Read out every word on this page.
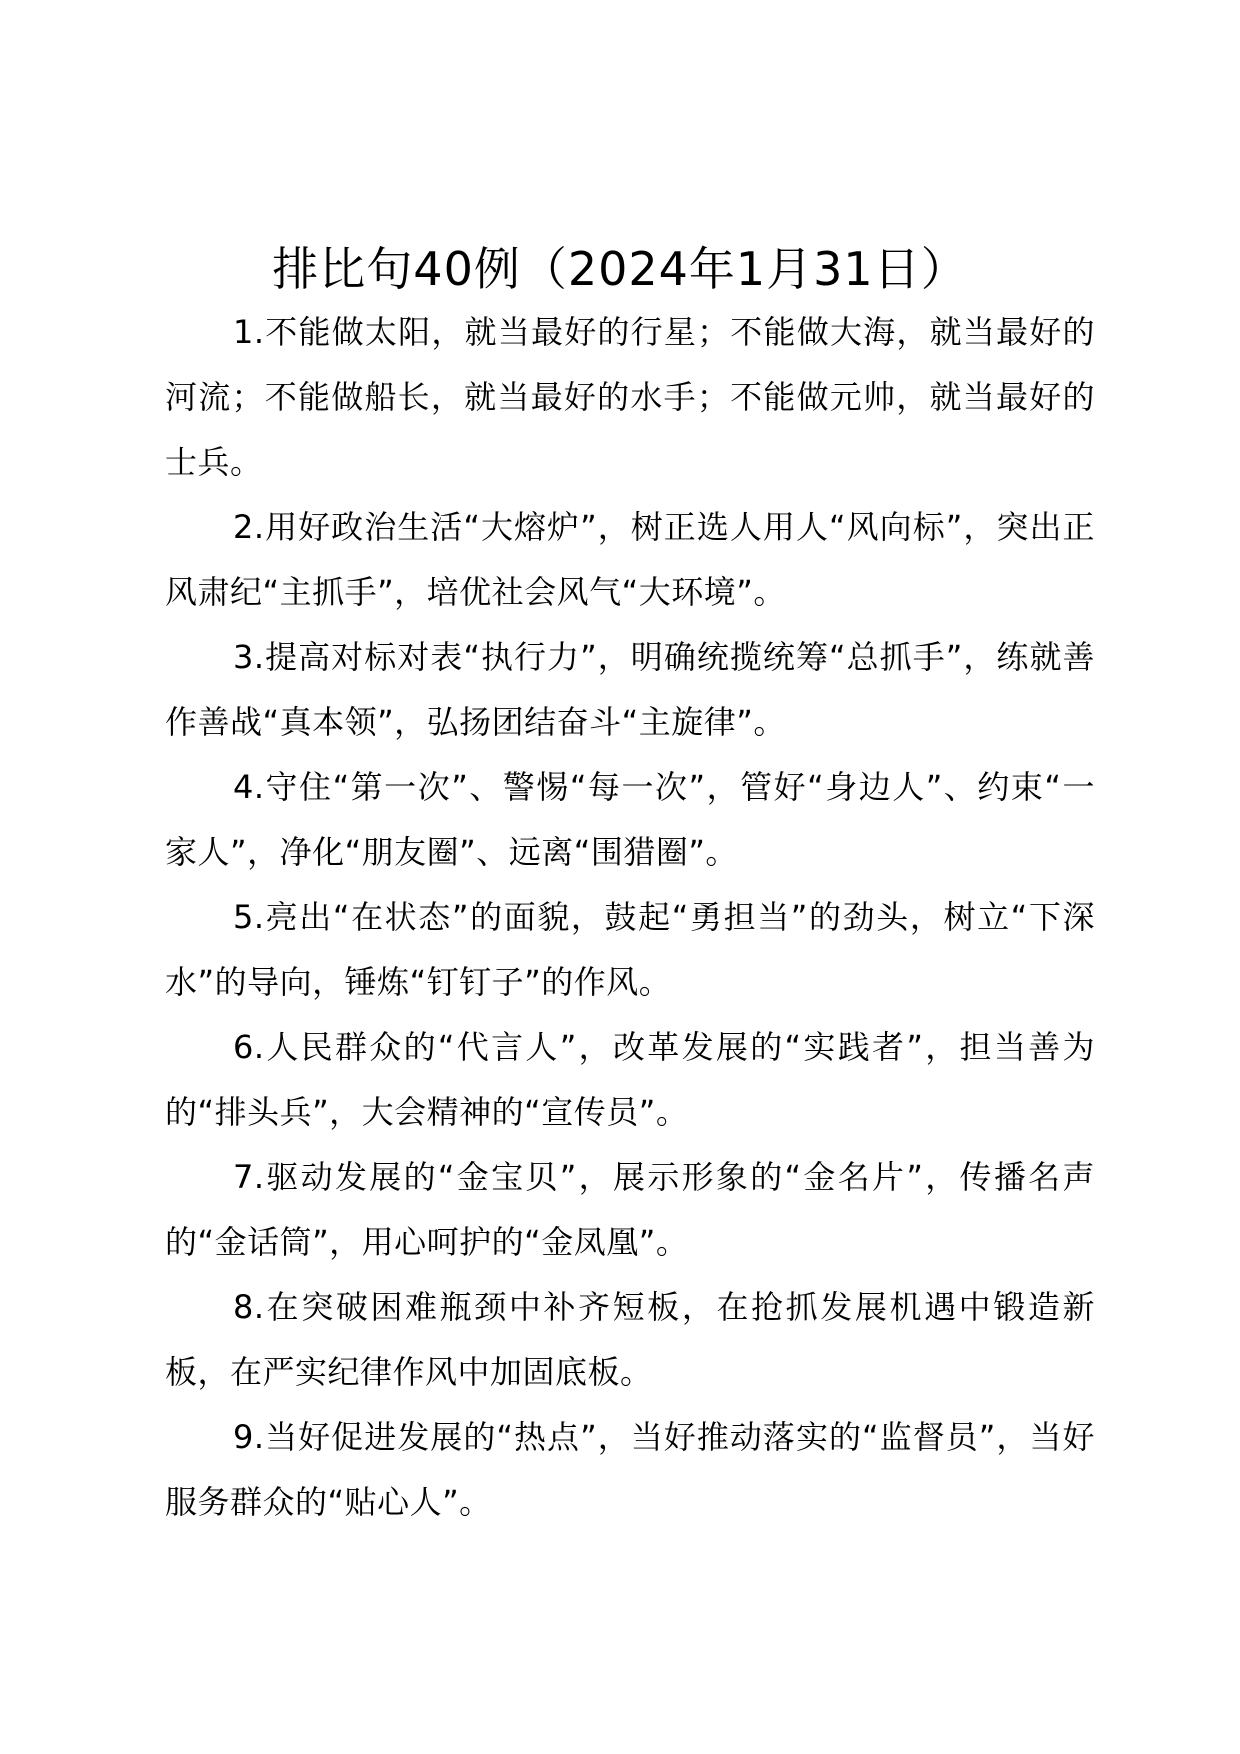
排比句40例（2024年1月31日）

1.不能做太阳，就当最好的行星；不能做大海，就当最好的河流；不能做船长，就当最好的水手；不能做元帅，就当最好的士兵。

2.用好政治生活“大熔炉”，树正选人用人“风向标”，突出正风肃纪“主抓手”，培优社会风气“大环境”。

3.提高对标对表“执行力”，明确统揽统筹“总抓手”，练就善作善战“真本领”，弘扬团结奋斗“主旋律”。

4.守住“第一次”、警惕“每一次”，管好“身边人”、约束“一家人”，净化“朋友圈”、远离“围猎圈”。

5.亮出“在状态”的面貌，鼓起“勇担当”的劲头，树立“下深水”的导向，锤炼“钉钉子”的作风。

6.人民群众的“代言人”，改革发展的“实践者”，担当善为的“排头兵”，大会精神的“宣传员”。

7.驱动发展的“金宝贝”，展示形象的“金名片”，传播名声的“金话筒”，用心呵护的“金凤凰”。

8.在突破困难瓶颈中补齐短板，在抢抓发展机遇中锻造新板，在严实纪律作风中加固底板。

9.当好促进发展的“热点”，当好推动落实的“监督员”，当好服务群众的“贴心人”。
